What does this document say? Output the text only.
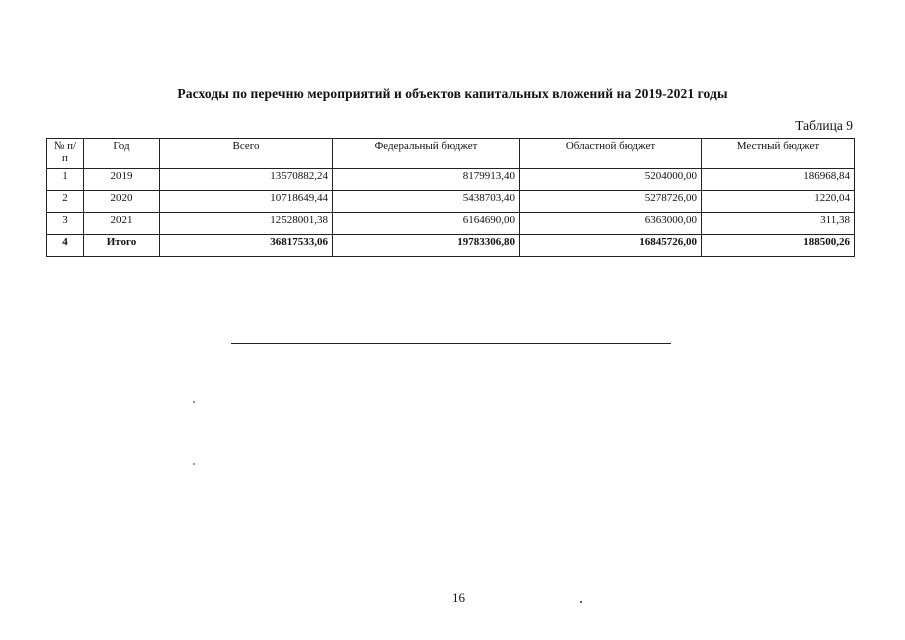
Расходы по перечню мероприятий и объектов капитальных вложений на 2019-2021 годы
Таблица 9
№ п/п	Год	Всего	Федеральный бюджет	Областной бюджет	Местный бюджет
1	2019	13570882,24	8179913,40	5204000,00	186968,84
2	2020	10718649,44	5438703,40	5278726,00	1220,04
3	2021	12528001,38	6164690,00	6363000,00	311,38
4	Итого	36817533,06	19783306,80	16845726,00	188500,26
16
